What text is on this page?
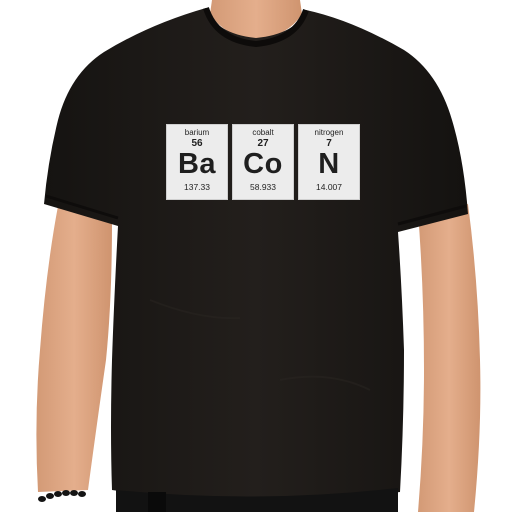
barium
56
Ba
137.33
cobalt
27
Co
58.933
nitrogen
7
N
14.007
